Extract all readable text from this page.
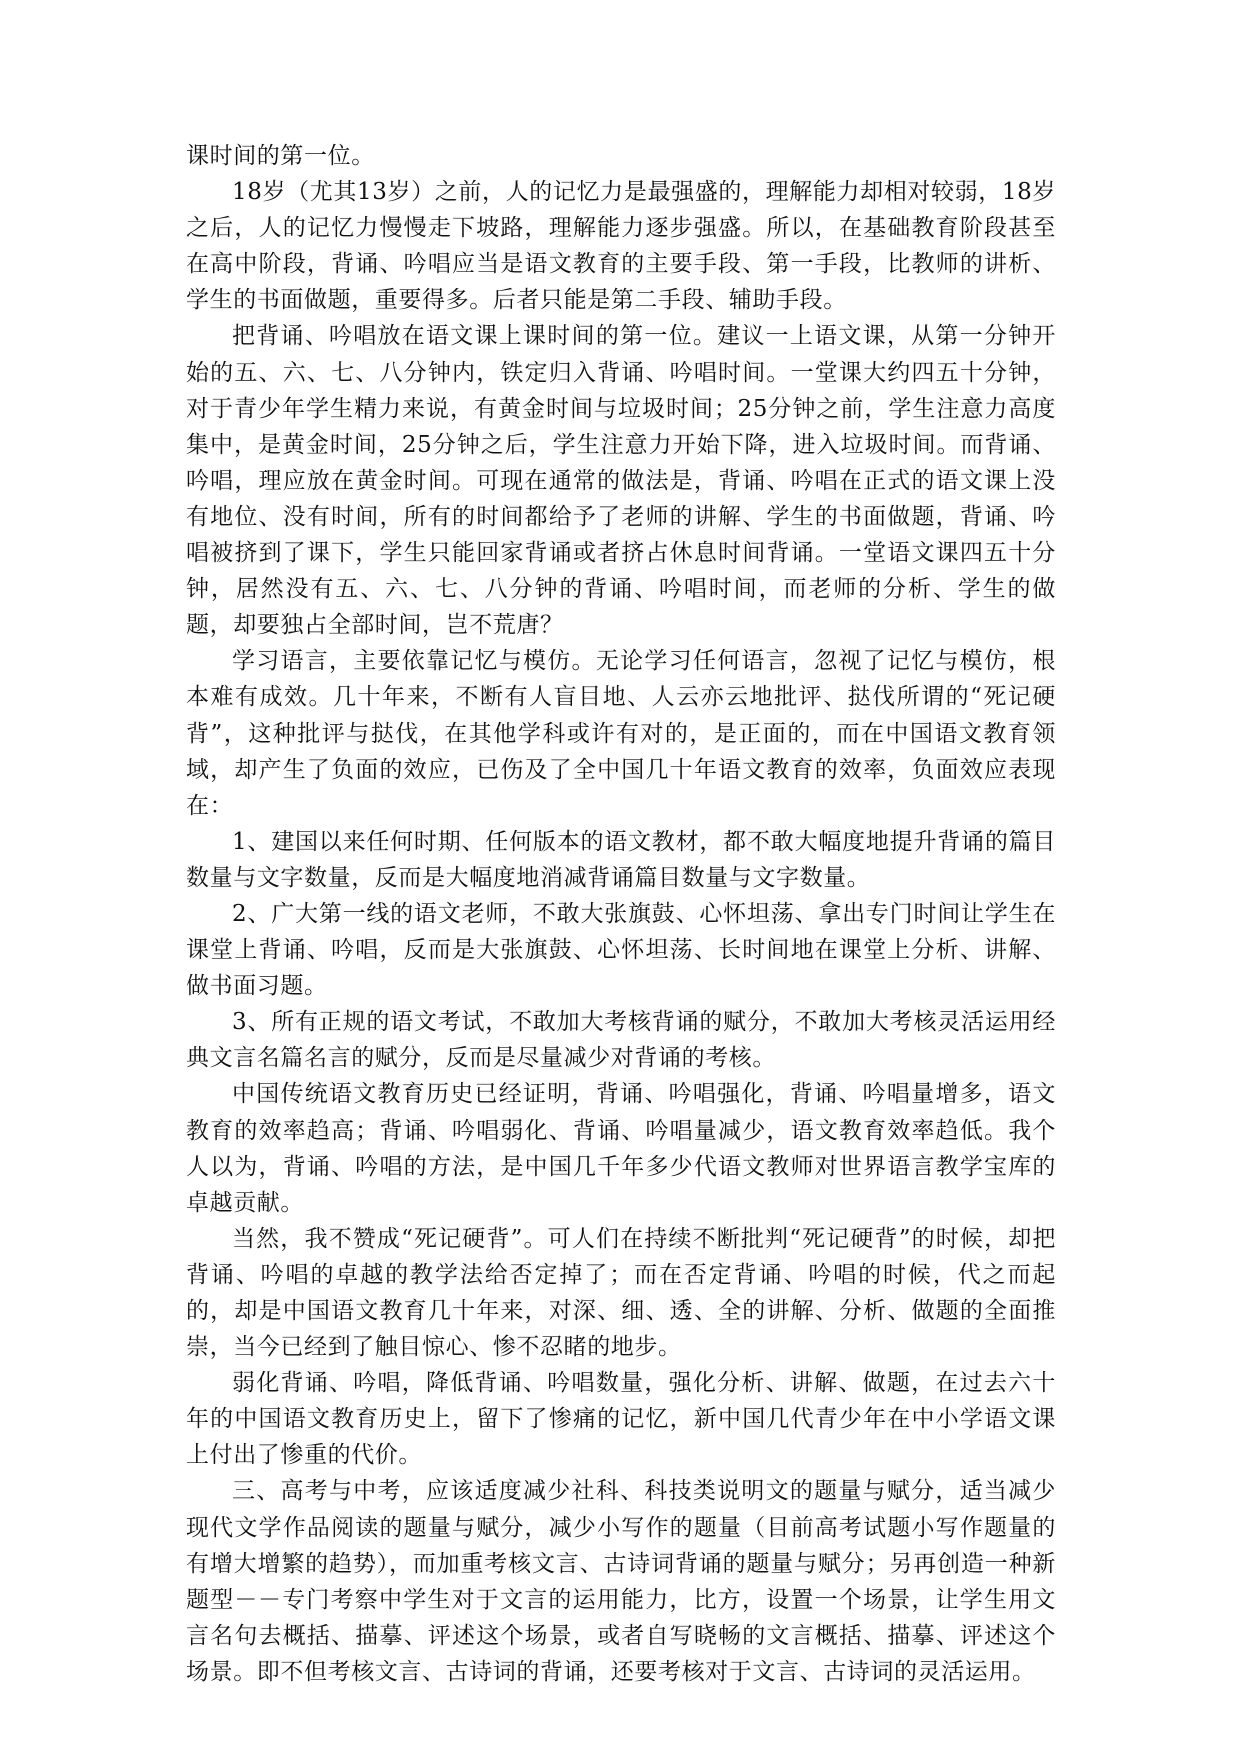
课时间的第一位。

18岁（尤其13岁）之前，人的记忆力是最强盛的，理解能力却相对较弱，18岁之后，人的记忆力慢慢走下坡路，理解能力逐步强盛。所以，在基础教育阶段甚至在高中阶段，背诵、吟唱应当是语文教育的主要手段、第一手段，比教师的讲析、学生的书面做题，重要得多。后者只能是第二手段、辅助手段。

把背诵、吟唱放在语文课上课时间的第一位。建议一上语文课，从第一分钟开始的五、六、七、八分钟内，铁定归入背诵、吟唱时间。一堂课大约四五十分钟，对于青少年学生精力来说，有黄金时间与垃圾时间；25分钟之前，学生注意力高度集中，是黄金时间，25分钟之后，学生注意力开始下降，进入垃圾时间。而背诵、吟唱，理应放在黄金时间。可现在通常的做法是，背诵、吟唱在正式的语文课上没有地位、没有时间，所有的时间都给予了老师的讲解、学生的书面做题，背诵、吟唱被挤到了课下，学生只能回家背诵或者挤占休息时间背诵。一堂语文课四五十分钟，居然没有五、六、七、八分钟的背诵、吟唱时间，而老师的分析、学生的做题，却要独占全部时间，岂不荒唐？

学习语言，主要依靠记忆与模仿。无论学习任何语言，忽视了记忆与模仿，根本难有成效。几十年来，不断有人盲目地、人云亦云地批评、挞伐所谓的“死记硬背”，这种批评与挞伐，在其他学科或许有对的，是正面的，而在中国语文教育领域，却产生了负面的效应，已伤及了全中国几十年语文教育的效率，负面效应表现在：

1、建国以来任何时期、任何版本的语文教材，都不敢大幅度地提升背诵的篇目数量与文字数量，反而是大幅度地消减背诵篇目数量与文字数量。

2、广大第一线的语文老师，不敢大张旗鼓、心怀坦荡、拿出专门时间让学生在课堂上背诵、吟唱，反而是大张旗鼓、心怀坦荡、长时间地在课堂上分析、讲解、做书面习题。

3、所有正规的语文考试，不敢加大考核背诵的赋分，不敢加大考核灵活运用经典文言名篇名言的赋分，反而是尽量减少对背诵的考核。

中国传统语文教育历史已经证明，背诵、吟唱强化，背诵、吟唱量增多，语文教育的效率趋高；背诵、吟唱弱化、背诵、吟唱量减少，语文教育效率趋低。我个人以为，背诵、吟唱的方法，是中国几千年多少代语文教师对世界语言教学宝库的卓越贡献。

当然，我不赞成“死记硬背”。可人们在持续不断批判“死记硬背”的时候，却把背诵、吟唱的卓越的教学法给否定掉了；而在否定背诵、吟唱的时候，代之而起的，却是中国语文教育几十年来，对深、细、透、全的讲解、分析、做题的全面推崇，当今已经到了触目惊心、惨不忍睹的地步。

弱化背诵、吟唱，降低背诵、吟唱数量，强化分析、讲解、做题，在过去六十年的中国语文教育历史上，留下了惨痛的记忆，新中国几代青少年在中小学语文课上付出了惨重的代价。

三、高考与中考，应该适度减少社科、科技类说明文的题量与赋分，适当减少现代文学作品阅读的题量与赋分，减少小写作的题量（目前高考试题小写作题量的有增大增繁的趋势），而加重考核文言、古诗词背诵的题量与赋分；另再创造一种新题型－－专门考察中学生对于文言的运用能力，比方，设置一个场景，让学生用文言名句去概括、描摹、评述这个场景，或者自写晓畅的文言概括、描摹、评述这个场景。即不但考核文言、古诗词的背诵，还要考核对于文言、古诗词的灵活运用。
